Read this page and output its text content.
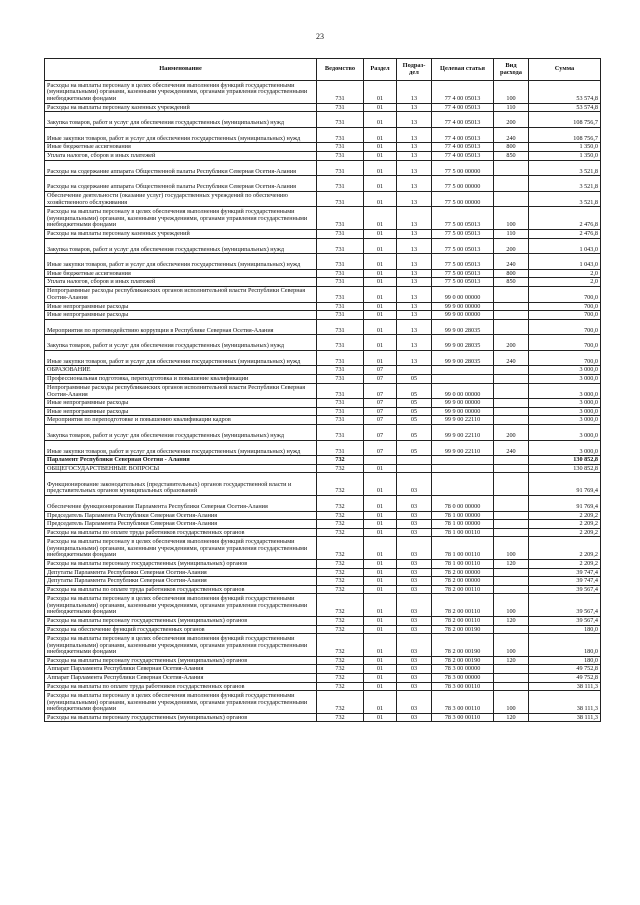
23
Наименование	Ведомство	Раздел	Подраз-
дел	Целевая статья	Вид расхода	Сумма
Расходы на выплаты персоналу в целях обеспечения выполнения функций государственными (муниципальными) органами, казенными учреждениями, органами управления государственными внебюджетными фондами	731	01	13	77 4 00 05013	100	53 574,8
Расходы на выплаты персоналу казенных учреждений	731	01	13	77 4 00 05013	110	53 574,8
Закупка товаров, работ и услуг для обеспечения государственных (муниципальных) нужд	731	01	13	77 4 00 05013	200	108 756,7
Иные закупки товаров, работ и услуг для обеспечения государственных (муниципальных) нужд	731	01	13	77 4 00 05013	240	108 756,7
Иные бюджетные ассигнования	731	01	13	77 4 00 05013	800	1 350,0
Уплата налогов, сборов и иных платежей	731	01	13	77 4 00 05013	850	1 350,0
Расходы на содержание аппарата Общественной палаты Республики Северная Осетия-Алания	731	01	13	77 5 00 00000		3 521,8
Расходы на содержание аппарата Общественной палаты Республики Северная Осетия-Алания	731	01	13	77 5 00 00000		3 521,8
Обеспечение деятельности (оказание услуг) государственных учреждений по обеспечению хозяйственного обслуживания	731	01	13	77 5 00 00000		3 521,8
Расходы на выплаты персоналу в целях обеспечения выполнения функций государственными (муниципальными) органами, казенными учреждениями, органами управления государственными внебюджетными фондами	731	01	13	77 5 00 05013	100	2 476,8
Расходы на выплаты персоналу казенных учреждений	731	01	13	77 5 00 05013	110	2 476,8
Закупка товаров, работ и услуг для обеспечения государственных (муниципальных) нужд	731	01	13	77 5 00 05013	200	1 043,0
Иные закупки товаров, работ и услуг для обеспечения государственных (муниципальных) нужд	731	01	13	77 5 00 05013	240	1 043,0
Иные бюджетные ассигнования	731	01	13	77 5 00 05013	800	2,0
Уплата налогов, сборов и иных платежей	731	01	13	77 5 00 05013	850	2,0
Непрограммные расходы республиканских органов исполнительной власти Республики Северная Осетия-Алания	731	01	13	99 0 00 00000		700,0
Иные непрограммные расходы	731	01	13	99 9 00 00000		700,0
Иные непрограммные расходы	731	01	13	99 9 00 00000		700,0
Мероприятия по противодействию коррупции в Республике Северная Осетия-Алания	731	01	13	99 9 00 28035		700,0
Закупка товаров, работ и услуг для обеспечения государственных (муниципальных) нужд	731	01	13	99 9 00 28035	200	700,0
Иные закупки товаров, работ и услуг для обеспечения государственных (муниципальных) нужд	731	01	13	99 9 00 28035	240	700,0
ОБРАЗОВАНИЕ	731	07				3 000,0
Профессиональная подготовка, переподготовка и повышение квалификации	731	07	05			3 000,0
Непрограммные расходы республиканских органов исполнительной власти Республики Северная Осетия-Алания	731	07	05	99 0 00 00000		3 000,0
Иные непрограммные расходы	731	07	05	99 9 00 00000		3 000,0
Иные непрограммные расходы	731	07	05	99 9 00 00000		3 000,0
Мероприятия по переподготовке и повышению квалификации кадров	731	07	05	99 9 00 22110		3 000,0
Закупка товаров, работ и услуг для обеспечения государственных (муниципальных) нужд	731	07	05	99 9 00 22110	200	3 000,0
Иные закупки товаров, работ и услуг для обеспечения государственных (муниципальных) нужд	731	07	05	99 9 00 22110	240	3 000,0
Парламент Республики Северная Осетия - Алания	732					130 852,8
ОБЩЕГОСУДАРСТВЕННЫЕ ВОПРОСЫ	732	01				130 852,8
Функционирование законодательных (представительных) органов государственной власти и представительных органов муниципальных образований	732	01	03			91 769,4
Обеспечение функционирования Парламента Республики Северная Осетия-Алания	732	01	03	78 0 00 00000		91 769,4
Председатель Парламента Республики Северная Осетия-Алания	732	01	03	78 1 00 00000		2 209,2
Председатель Парламента Республики Северная Осетия-Алания	732	01	03	78 1 00 00000		2 209,2
Расходы на выплаты по оплате труда работников государственных органов	732	01	03	78 1 00 00110		2 209,2
Расходы на выплаты персоналу в целях обеспечения выполнения функций государственными (муниципальными) органами, казенными учреждениями, органами управления государственными внебюджетными фондами	732	01	03	78 1 00 00110	100	2 209,2
Расходы на выплаты персоналу государственных (муниципальных) органов	732	01	03	78 1 00 00110	120	2 209,2
Депутаты Парламента Республики Северная Осетия-Алания	732	01	03	78 2 00 00000		39 747,4
Депутаты Парламента Республики Северная Осетия-Алания	732	01	03	78 2 00 00000		39 747,4
Расходы на выплаты по оплате труда работников государственных органов	732	01	03	78 2 00 00110		39 567,4
Расходы на выплаты персоналу в целях обеспечения выполнения функций государственными (муниципальными) органами, казенными учреждениями, органами управления государственными внебюджетными фондами	732	01	03	78 2 00 00110	100	39 567,4
Расходы на выплаты персоналу государственных (муниципальных) органов	732	01	03	78 2 00 00110	120	39 567,4
Расходы на обеспечение функций государственных органов	732	01	03	78 2 00 00190		180,0
Расходы на выплаты персоналу в целях обеспечения выполнения функций государственными (муниципальными) органами, казенными учреждениями, органами управления государственными внебюджетными фондами	732	01	03	78 2 00 00190	100	180,0
Расходы на выплаты персоналу государственных (муниципальных) органов	732	01	03	78 2 00 00190	120	180,0
Аппарат Парламента Республики Северная Осетия-Алания	732	01	03	78 3 00 00000		49 752,8
Аппарат Парламента Республики Северная Осетия-Алания	732	01	03	78 3 00 00000		49 752,8
Расходы на выплаты по оплате труда работников государственных органов	732	01	03	78 3 00 00110		38 111,3
Расходы на выплаты персоналу в целях обеспечения выполнения функций государственными (муниципальными) органами, казенными учреждениями, органами управления государственными внебюджетными фондами	732	01	03	78 3 00 00110	100	38 111,3
Расходы на выплаты персоналу государственных (муниципальных) органов	732	01	03	78 3 00 00110	120	38 111,3
